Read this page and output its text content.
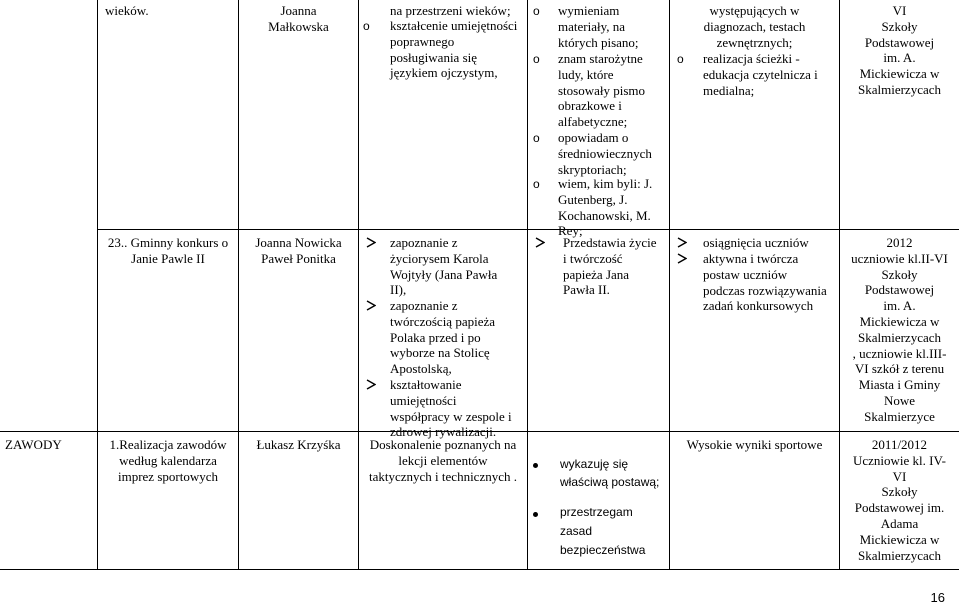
ZAWODY
wieków.
23.. Gminny konkurs o
Janie Pawle II
1.Realizacja zawodów
według kalendarza
imprez sportowych
Joanna
Małkowska
Joanna Nowicka
Paweł Ponitka
Łukasz Krzyśka
na przestrzeni wieków;
o kształcenie umiejętności
poprawnego
posługiwania się
językiem ojczystym,
zapoznanie z
życiorysem Karola
Wojtyły (Jana Pawła
II),
zapoznanie z
twórczością papieża
Polaka przed i po
wyborze na Stolicę
Apostolską,
kształtowanie
umiejętności
współpracy w zespole i
zdrowej rywalizacji.
Doskonalenie poznanych na
lekcji elementów
taktycznych i technicznych .
o wymieniam
materiały, na
których pisano;
o znam starożytne
ludy, które
stosowały pismo
obrazkowe i
alfabetyczne;
o opowiadam o
średniowiecznych
skryptoriach;
o wiem, kim byli: J.
Gutenberg, J.
Kochanowski, M.
Rey;
Przedstawia życie
i twórczość
papieża Jana
Pawła II.
wykazuję się
właściwą postawą;
przestrzegam
zasad
bezpieczeństwa
występujących w
diagnozach, testach
zewnętrznych;
o realizacja ścieżki -
edukacja czytelnicza i
medialna;
osiągnięcia uczniów
aktywna i twórcza
postaw uczniów
podczas rozwiązywania
zadań konkursowych
Wysokie wyniki sportowe
VI
Szkoły
Podstawowej
im. A.
Mickiewicza w
Skalmierzycach
2012
uczniowie kl.II-VI
Szkoły
Podstawowej
im. A.
Mickiewicza w
Skalmierzycach
, uczniowie kl.III-
VI szkół z terenu
Miasta i Gminy
Nowe
Skalmierzyce
2011/2012
Uczniowie kl. IV-
VI
Szkoły
Podstawowej im.
Adama
Mickiewicza w
Skalmierzycach
16
